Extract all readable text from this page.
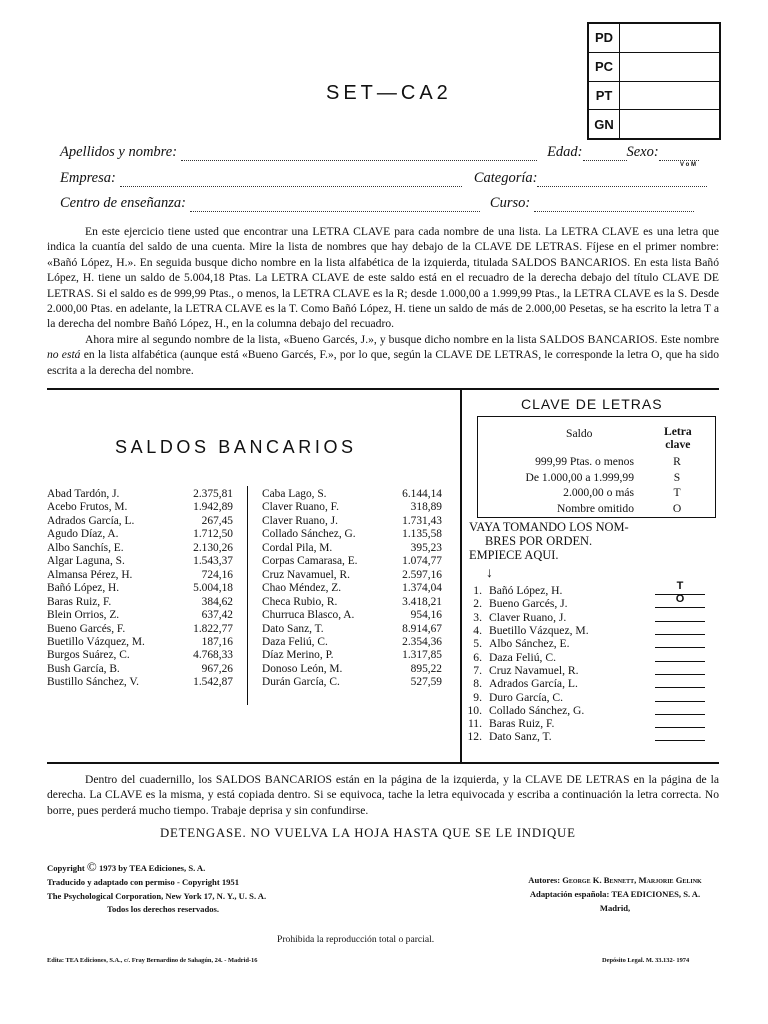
PD
PC
PT
GN
SET—CA2
Apellidos y nombre:	Edad:	Sexo:
V o M
Empresa:	Categoría:
Centro de enseñanza:	Curso:

En este ejercicio tiene usted que encontrar una LETRA CLAVE para cada nombre de una lista. La LETRA CLAVE es una letra que indica la cuantía del saldo de una cuenta. Mire la lista de nombres que hay debajo de la CLAVE DE LETRAS. Fíjese en el primer nombre: «Bañó López, H.». En seguida busque dicho nombre en la lista alfabética de la izquierda, titulada SALDOS BANCARIOS. En esta lista Bañó López, H. tiene un saldo de 5.004,18 Ptas. La LETRA CLAVE de este saldo está en el recuadro de la derecha debajo del título CLAVE DE LETRAS. Si el saldo es de 999,99 Ptas., o menos, la LETRA CLAVE es la R; desde 1.000,00 a 1.999,99 Ptas., la LETRA CLAVE es la S. Desde 2.000,00 Ptas. en adelante, la LETRA CLAVE es la T. Como Bañó López, H. tiene un saldo de más de 2.000,00 Pesetas, se ha escrito la letra T a la derecha del nombre Bañó López, H., en la columna debajo del recuadro.

Ahora mire al segundo nombre de la lista, «Bueno Garcés, J.», y busque dicho nombre en la lista SALDOS BANCARIOS. Este nombre no está en la lista alfabética (aunque está «Bueno Garcés, F.», por lo que, según la CLAVE DE LETRAS, le corresponde la letra O, que ha sido escrita a la derecha del nombre.

SALDOS BANCARIOS
Abad Tardón, J.	2.375,81
Acebo Frutos, M.	1.942,89
Adrados García, L.	267,45
Agudo Díaz, A.	1.712,50
Albo Sanchís, E.	2.130,26
Algar Laguna, S.	1.543,37
Almansa Pérez, H.	724,16
Bañó López, H.	5.004,18
Baras Ruiz, F.	384,62
Blein Orrios, Z.	637,42
Bueno Garcés, F.	1.822,77
Buetillo Vázquez, M.	187,16
Burgos Suárez, C.	4.768,33
Bush García, B.	967,26
Bustillo Sánchez, V.	1.542,87
Caba Lago, S.	6.144,14
Claver Ruano, F.	318,89
Claver Ruano, J.	1.731,43
Collado Sánchez, G.	1.135,58
Cordal Pila, M.	395,23
Corpas Camarasa, E.	1.074,77
Cruz Navamuel, R.	2.597,16
Chao Méndez, Z.	1.374,04
Checa Rubio, R.	3.418,21
Churruca Blasco, A.	954,16
Dato Sanz, T.	8.914,67
Daza Feliú, C.	2.354,36
Díaz Merino, P.	1.317,85
Donoso León, M.	895,22
Durán García, C.	527,59
CLAVE DE LETRAS
Saldo	Letra
clave
999,99 Ptas. o menos	R
De 1.000,00 a 1.999,99	S
2.000,00 o más	T
Nombre omitido	O
VAYA TOMANDO LOS NOM-
BRES POR ORDEN.
EMPIECE AQUI.
↓
1. Bañó López, H.	T
2. Bueno Garcés, J.	O
3. Claver Ruano, J.
4. Buetillo Vázquez, M.
5. Albo Sánchez, E.
6. Daza Feliú, C.
7. Cruz Navamuel, R.
8. Adrados García, L.
9. Duro García, C.
10. Collado Sánchez, G.
11. Baras Ruiz, F.
12. Dato Sanz, T.

Dentro del cuadernillo, los SALDOS BANCARIOS están en la página de la izquierda, y la CLAVE DE LETRAS en la página de la derecha. La CLAVE es la misma, y está copiada dentro. Si se equivoca, tache la letra equivocada y escriba a continuación la letra correcta. No borre, pues perderá mucho tiempo. Trabaje deprisa y sin confundirse.

DETENGASE. NO VUELVA LA HOJA HASTA QUE SE LE INDIQUE
Copyright © 1973 by TEA Ediciones, S. A.
Traducido y adaptado con permiso - Copyright 1951
The Psychological Corporation, New York 17, N. Y., U. S. A.
Todos los derechos reservados.
Autores: George K. Bennett, Marjorie Gelink
Adaptación española: TEA EDICIONES, S. A.
Madrid,
Prohibida la reproducción total o parcial.
Edita: TEA Ediciones, S.A., c/. Fray Bernardino de Sahagún, 24. - Madrid-16	Depósito Legal. M. 33.132- 1974
